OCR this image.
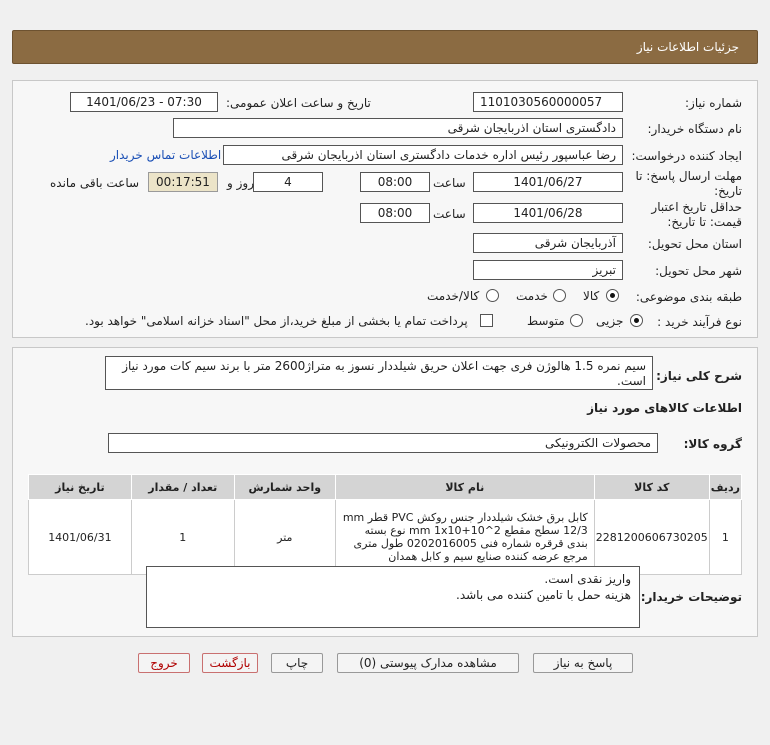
جزئیات اطلاعات نیاز
شماره نیاز:
1101030560000057
تاریخ و ساعت اعلان عمومی:
1401/06/23 - 07:30
نام دستگاه خریدار:
دادگستری استان اذربایجان شرقی
ایجاد کننده درخواست:
رضا عباسپور رئیس اداره خدمات دادگستری استان اذربایجان شرقی
اطلاعات تماس خریدار
مهلت ارسال پاسخ: تا تاریخ:
1401/06/27
ساعت
08:00
4
روز و
00:17:51
ساعت باقی مانده
حداقل تاریخ اعتبار قیمت: تا تاریخ:
1401/06/28
ساعت
08:00
استان محل تحویل:
آذربایجان شرقی
شهر محل تحویل:
تبریز
طبقه بندی موضوعی:
کالا
خدمت
کالا/خدمت
نوع فرآیند خرید :
جزیی
متوسط
پرداخت تمام یا بخشی از مبلغ خرید،از محل "اسناد خزانه اسلامی" خواهد بود.
شرح کلی نیاز:
سیم نمره 1.5 هالوژن فری جهت اعلان حریق شیلددار نسوز به متراژ2600 متر با برند سیم کات مورد نیاز است.
اطلاعات کالاهای مورد نیاز
گروه کالا:
محصولات الکترونیکی
ردیف	کد کالا	نام کالا	واحد شمارش	تعداد / مقدار	تاریخ نیاز
1	2281200606730205	کابل برق خشک شیلددار جنس روکش PVC قطر mm 12/3 سطح مقطع 2^mm 1x10+10 نوع بسته بندی قرقره شماره فنی 0202016005 طول متری مرجع عرضه کننده صنایع سیم و کابل همدان	متر	1	1401/06/31
توضیحات خریدار:
واریز نقدی است.
هزینه حمل با تامین کننده می باشد.
پاسخ به نیاز
مشاهده مدارک پیوستی (0)
چاپ
بازگشت
خروج
